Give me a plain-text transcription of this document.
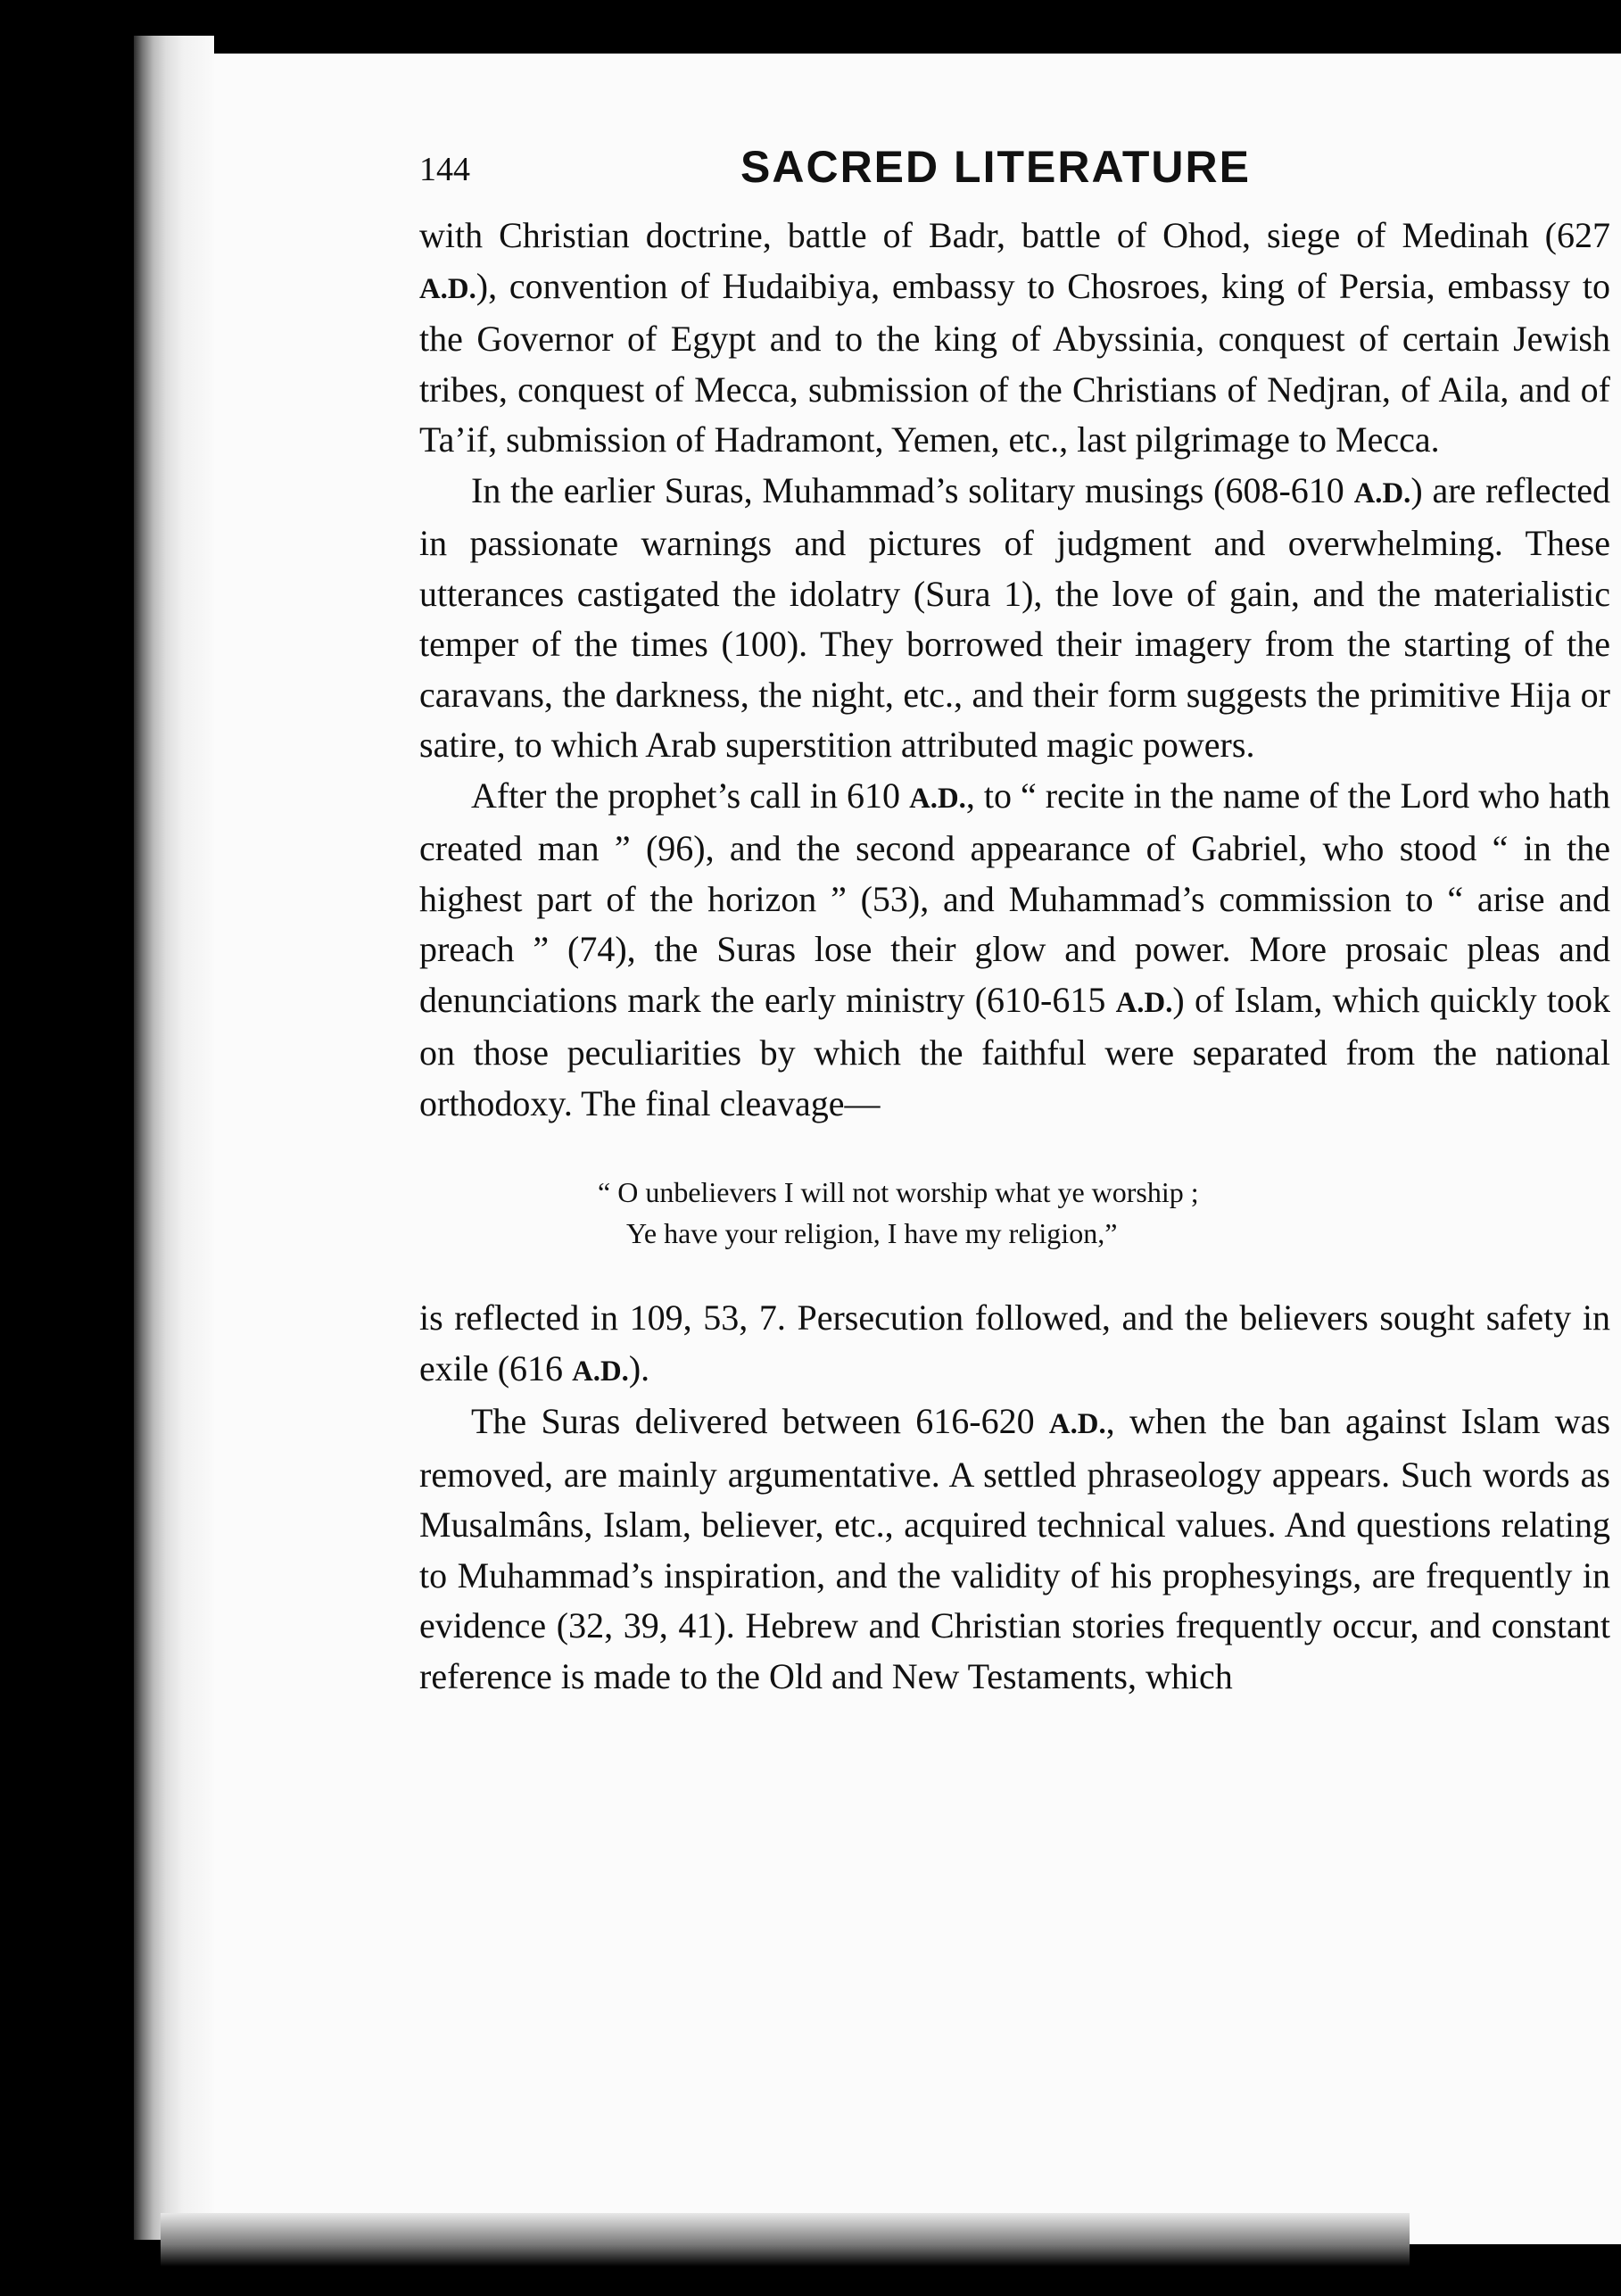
144	SACRED LITERATURE

with Christian doctrine, battle of Badr, battle of Ohod, siege of Medinah (627 A.D.), convention of Hudaibiya, embassy to Chosroes, king of Persia, embassy to the Governor of Egypt and to the king of Abyssinia, conquest of certain Jewish tribes, conquest of Mecca, submission of the Christians of Nedjran, of Aila, and of Ta’if, submission of Hadramont, Yemen, etc., last pilgrimage to Mecca.

In the earlier Suras, Muhammad’s solitary musings (608-610 A.D.) are reflected in passionate warnings and pictures of judgment and overwhelming. These utterances castigated the idolatry (Sura 1), the love of gain, and the materialistic temper of the times (100). They borrowed their imagery from the starting of the caravans, the darkness, the night, etc., and their form suggests the primitive Hija or satire, to which Arab superstition attributed magic powers.

After the prophet’s call in 610 A.D., to “ recite in the name of the Lord who hath created man ” (96), and the second appearance of Gabriel, who stood “ in the highest part of the horizon ” (53), and Muhammad’s commission to “ arise and preach ” (74), the Suras lose their glow and power. More prosaic pleas and denunciations mark the early ministry (610-615 A.D.) of Islam, which quickly took on those peculiarities by which the faithful were separated from the national orthodoxy. The final cleavage—

“ O unbelievers I will not worship what ye worship ;
Ye have your religion, I have my religion,”

is reflected in 109, 53, 7. Persecution followed, and the believers sought safety in exile (616 A.D.).

The Suras delivered between 616-620 A.D., when the ban against Islam was removed, are mainly argumentative. A settled phraseology appears. Such words as Musalmâns, Islam, believer, etc., acquired technical values. And questions relating to Muhammad’s inspiration, and the validity of his prophesyings, are frequently in evidence (32, 39, 41). Hebrew and Christian stories frequently occur, and constant reference is made to the Old and New Testaments, which
